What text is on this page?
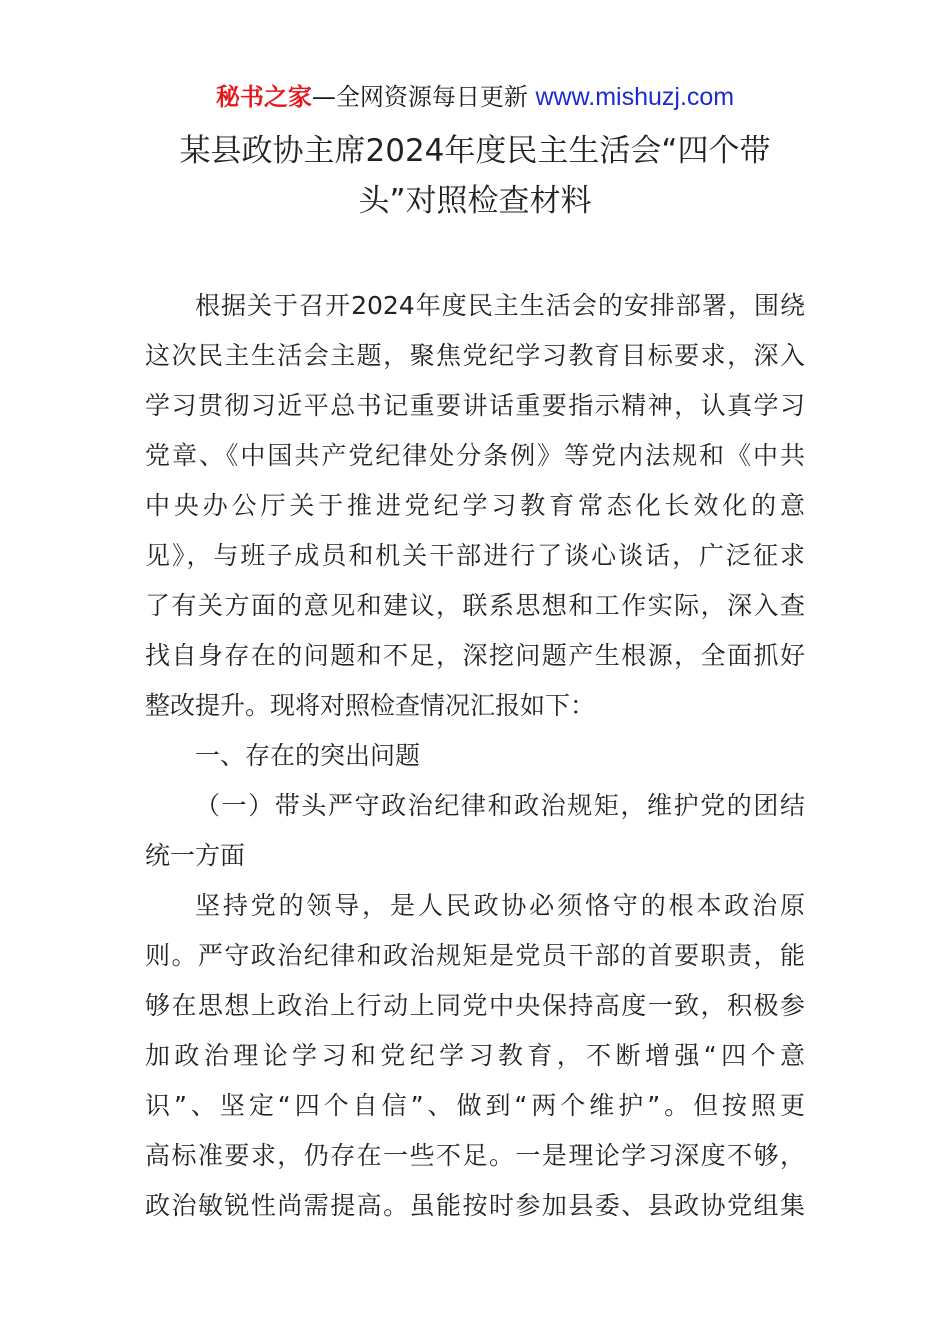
秘书之家—全网资源每日更新 www.mishuzj.com
某县政协主席2024年度民主生活会“四个带
头”对照检查材料
根据关于召开2024年度民主生活会的安排部署，围绕
这次民主生活会主题，聚焦党纪学习教育目标要求，深入
学习贯彻习近平总书记重要讲话重要指示精神，认真学习
党章、《中国共产党纪律处分条例》等党内法规和《中共
中央办公厅关于推进党纪学习教育常态化长效化的意
见》，与班子成员和机关干部进行了谈心谈话，广泛征求
了有关方面的意见和建议，联系思想和工作实际，深入查
找自身存在的问题和不足，深挖问题产生根源，全面抓好
整改提升。现将对照检查情况汇报如下：
一、存在的突出问题
（一）带头严守政治纪律和政治规矩，维护党的团结
统一方面
坚持党的领导，是人民政协必须恪守的根本政治原
则。严守政治纪律和政治规矩是党员干部的首要职责，能
够在思想上政治上行动上同党中央保持高度一致，积极参
加政治理论学习和党纪学习教育，不断增强“四个意
识”、坚定“四个自信”、做到“两个维护”。但按照更
高标准要求，仍存在一些不足。一是理论学习深度不够，
政治敏锐性尚需提高。虽能按时参加县委、县政协党组集
